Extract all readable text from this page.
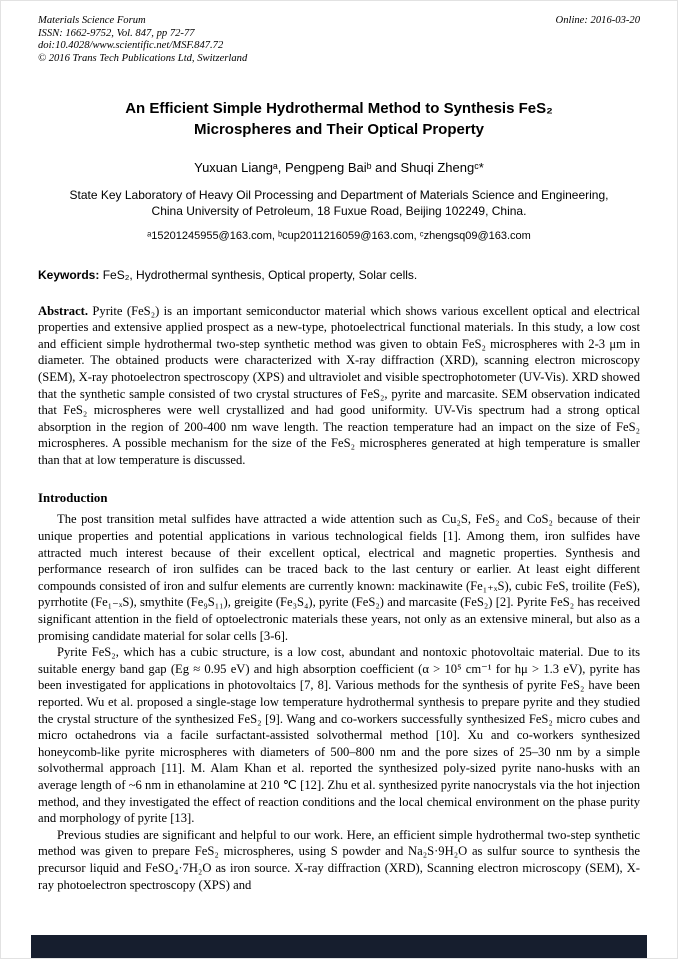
Materials Science Forum
ISSN: 1662-9752, Vol. 847, pp 72-77
doi:10.4028/www.scientific.net/MSF.847.72
© 2016 Trans Tech Publications Ltd, Switzerland
Online: 2016-03-20
An Efficient Simple Hydrothermal Method to Synthesis FeS₂ Microspheres and Their Optical Property
Yuxuan Liangᵃ, Pengpeng Baiᵇ and Shuqi Zhengᶜ*
State Key Laboratory of Heavy Oil Processing and Department of Materials Science and Engineering, China University of Petroleum, 18 Fuxue Road, Beijing 102249, China.
ᵃ15201245955@163.com, ᵇcup2011216059@163.com, ᶜzhengsq09@163.com
Keywords: FeS₂, Hydrothermal synthesis, Optical property, Solar cells.
Abstract. Pyrite (FeS₂) is an important semiconductor material which shows various excellent optical and electrical properties and extensive applied prospect as a new-type, photoelectrical functional materials. In this study, a low cost and efficient simple hydrothermal two-step synthetic method was given to obtain FeS₂ microspheres with 2-3 μm in diameter. The obtained products were characterized with X-ray diffraction (XRD), scanning electron microscopy (SEM), X-ray photoelectron spectroscopy (XPS) and ultraviolet and visible spectrophotometer (UV-Vis). XRD showed that the synthetic sample consisted of two crystal structures of FeS₂, pyrite and marcasite. SEM observation indicated that FeS₂ microspheres were well crystallized and had good uniformity. UV-Vis spectrum had a strong optical absorption in the region of 200-400 nm wave length. The reaction temperature had an impact on the size of FeS₂ microspheres. A possible mechanism for the size of the FeS₂ microspheres generated at high temperature is smaller than that at low temperature is discussed.
Introduction

The post transition metal sulfides have attracted a wide attention such as Cu₂S, FeS₂ and CoS₂ because of their unique properties and potential applications in various technological fields [1]. Among them, iron sulfides have attracted much interest because of their excellent optical, electrical and magnetic properties. Synthesis and performance research of iron sulfides can be traced back to the last century or earlier. At least eight different compounds consisted of iron and sulfur elements are currently known: mackinawite (Fe₁₊ₓS), cubic FeS, troilite (FeS), pyrrhotite (Fe₁₋ₓS), smythite (Fe₉S₁₁), greigite (Fe₃S₄), pyrite (FeS₂) and marcasite (FeS₂) [2]. Pyrite FeS₂ has received significant attention in the field of optoelectronic materials these years, not only as an extensive mineral, but also as a promising candidate material for solar cells [3-6].

Pyrite FeS₂, which has a cubic structure, is a low cost, abundant and nontoxic photovoltaic material. Due to its suitable energy band gap (Eg ≈ 0.95 eV) and high absorption coefficient (α > 10⁵ cm⁻¹ for hμ > 1.3 eV), pyrite has been investigated for applications in photovoltaics [7, 8]. Various methods for the synthesis of pyrite FeS₂ have been reported. Wu et al. proposed a single-stage low temperature hydrothermal synthesis to prepare pyrite and they studied the crystal structure of the synthesized FeS₂ [9]. Wang and co-workers successfully synthesized FeS₂ micro cubes and micro octahedrons via a facile surfactant-assisted solvothermal method [10]. Xu and co-workers synthesized honeycomb-like pyrite microspheres with diameters of 500–800 nm and the pore sizes of 25–30 nm by a simple solvothermal approach [11]. M. Alam Khan et al. reported the synthesized poly-sized pyrite nano-husks with an average length of ~6 nm in ethanolamine at 210 ℃ [12]. Zhu et al. synthesized pyrite nanocrystals via the hot injection method, and they investigated the effect of reaction conditions and the local chemical environment on the phase purity and morphology of pyrite [13].

Previous studies are significant and helpful to our work. Here, an efficient simple hydrothermal two-step synthetic method was given to prepare FeS₂ microspheres, using S powder and Na₂S·9H₂O as sulfur source to synthesis the precursor liquid and FeSO₄·7H₂O as iron source. X-ray diffraction (XRD), Scanning electron microscopy (SEM), X-ray photoelectron spectroscopy (XPS) and
